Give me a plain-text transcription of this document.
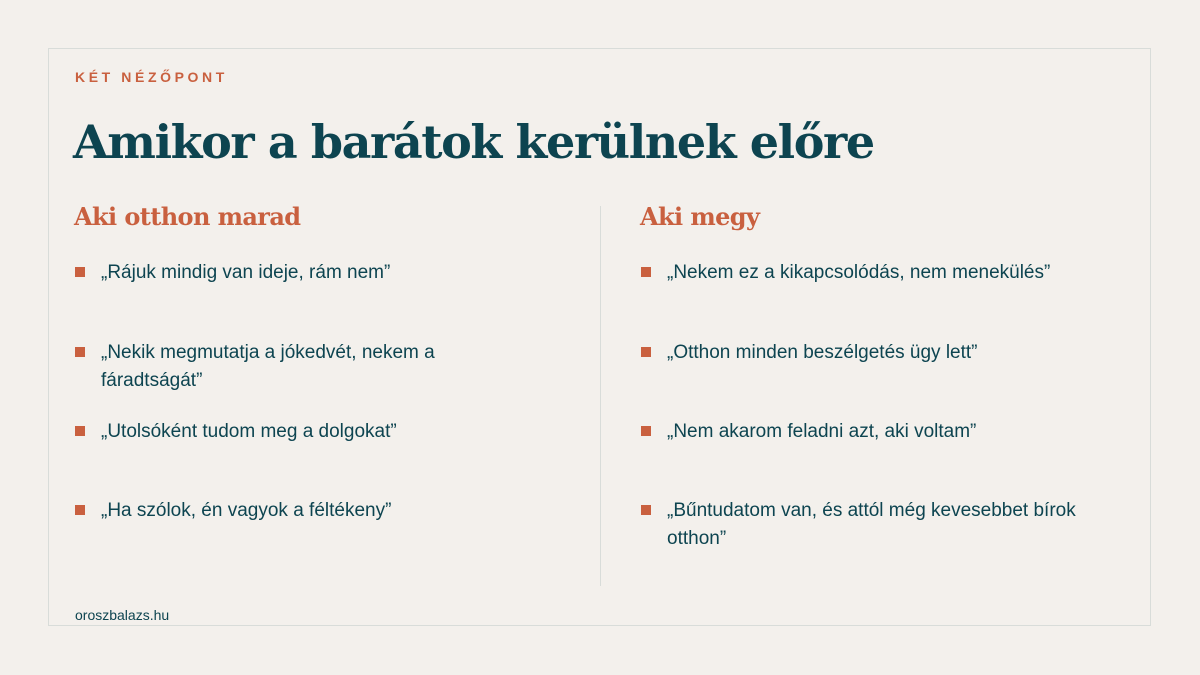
KÉT NÉZŐPONT

Amikor a barátok kerülnek előre
Aki otthon marad
„Rájuk mindig van ideje, rám nem”
„Nekik megmutatja a jókedvét, nekem a fáradtságát”
„Utolsóként tudom meg a dolgokat”
„Ha szólok, én vagyok a féltékeny”
Aki megy
„Nekem ez a kikapcsolódás, nem menekülés”
„Otthon minden beszélgetés ügy lett”
„Nem akarom feladni azt, aki voltam”
„Bűntudatom van, és attól még kevesebbet bírok otthon”

oroszbalazs.hu
